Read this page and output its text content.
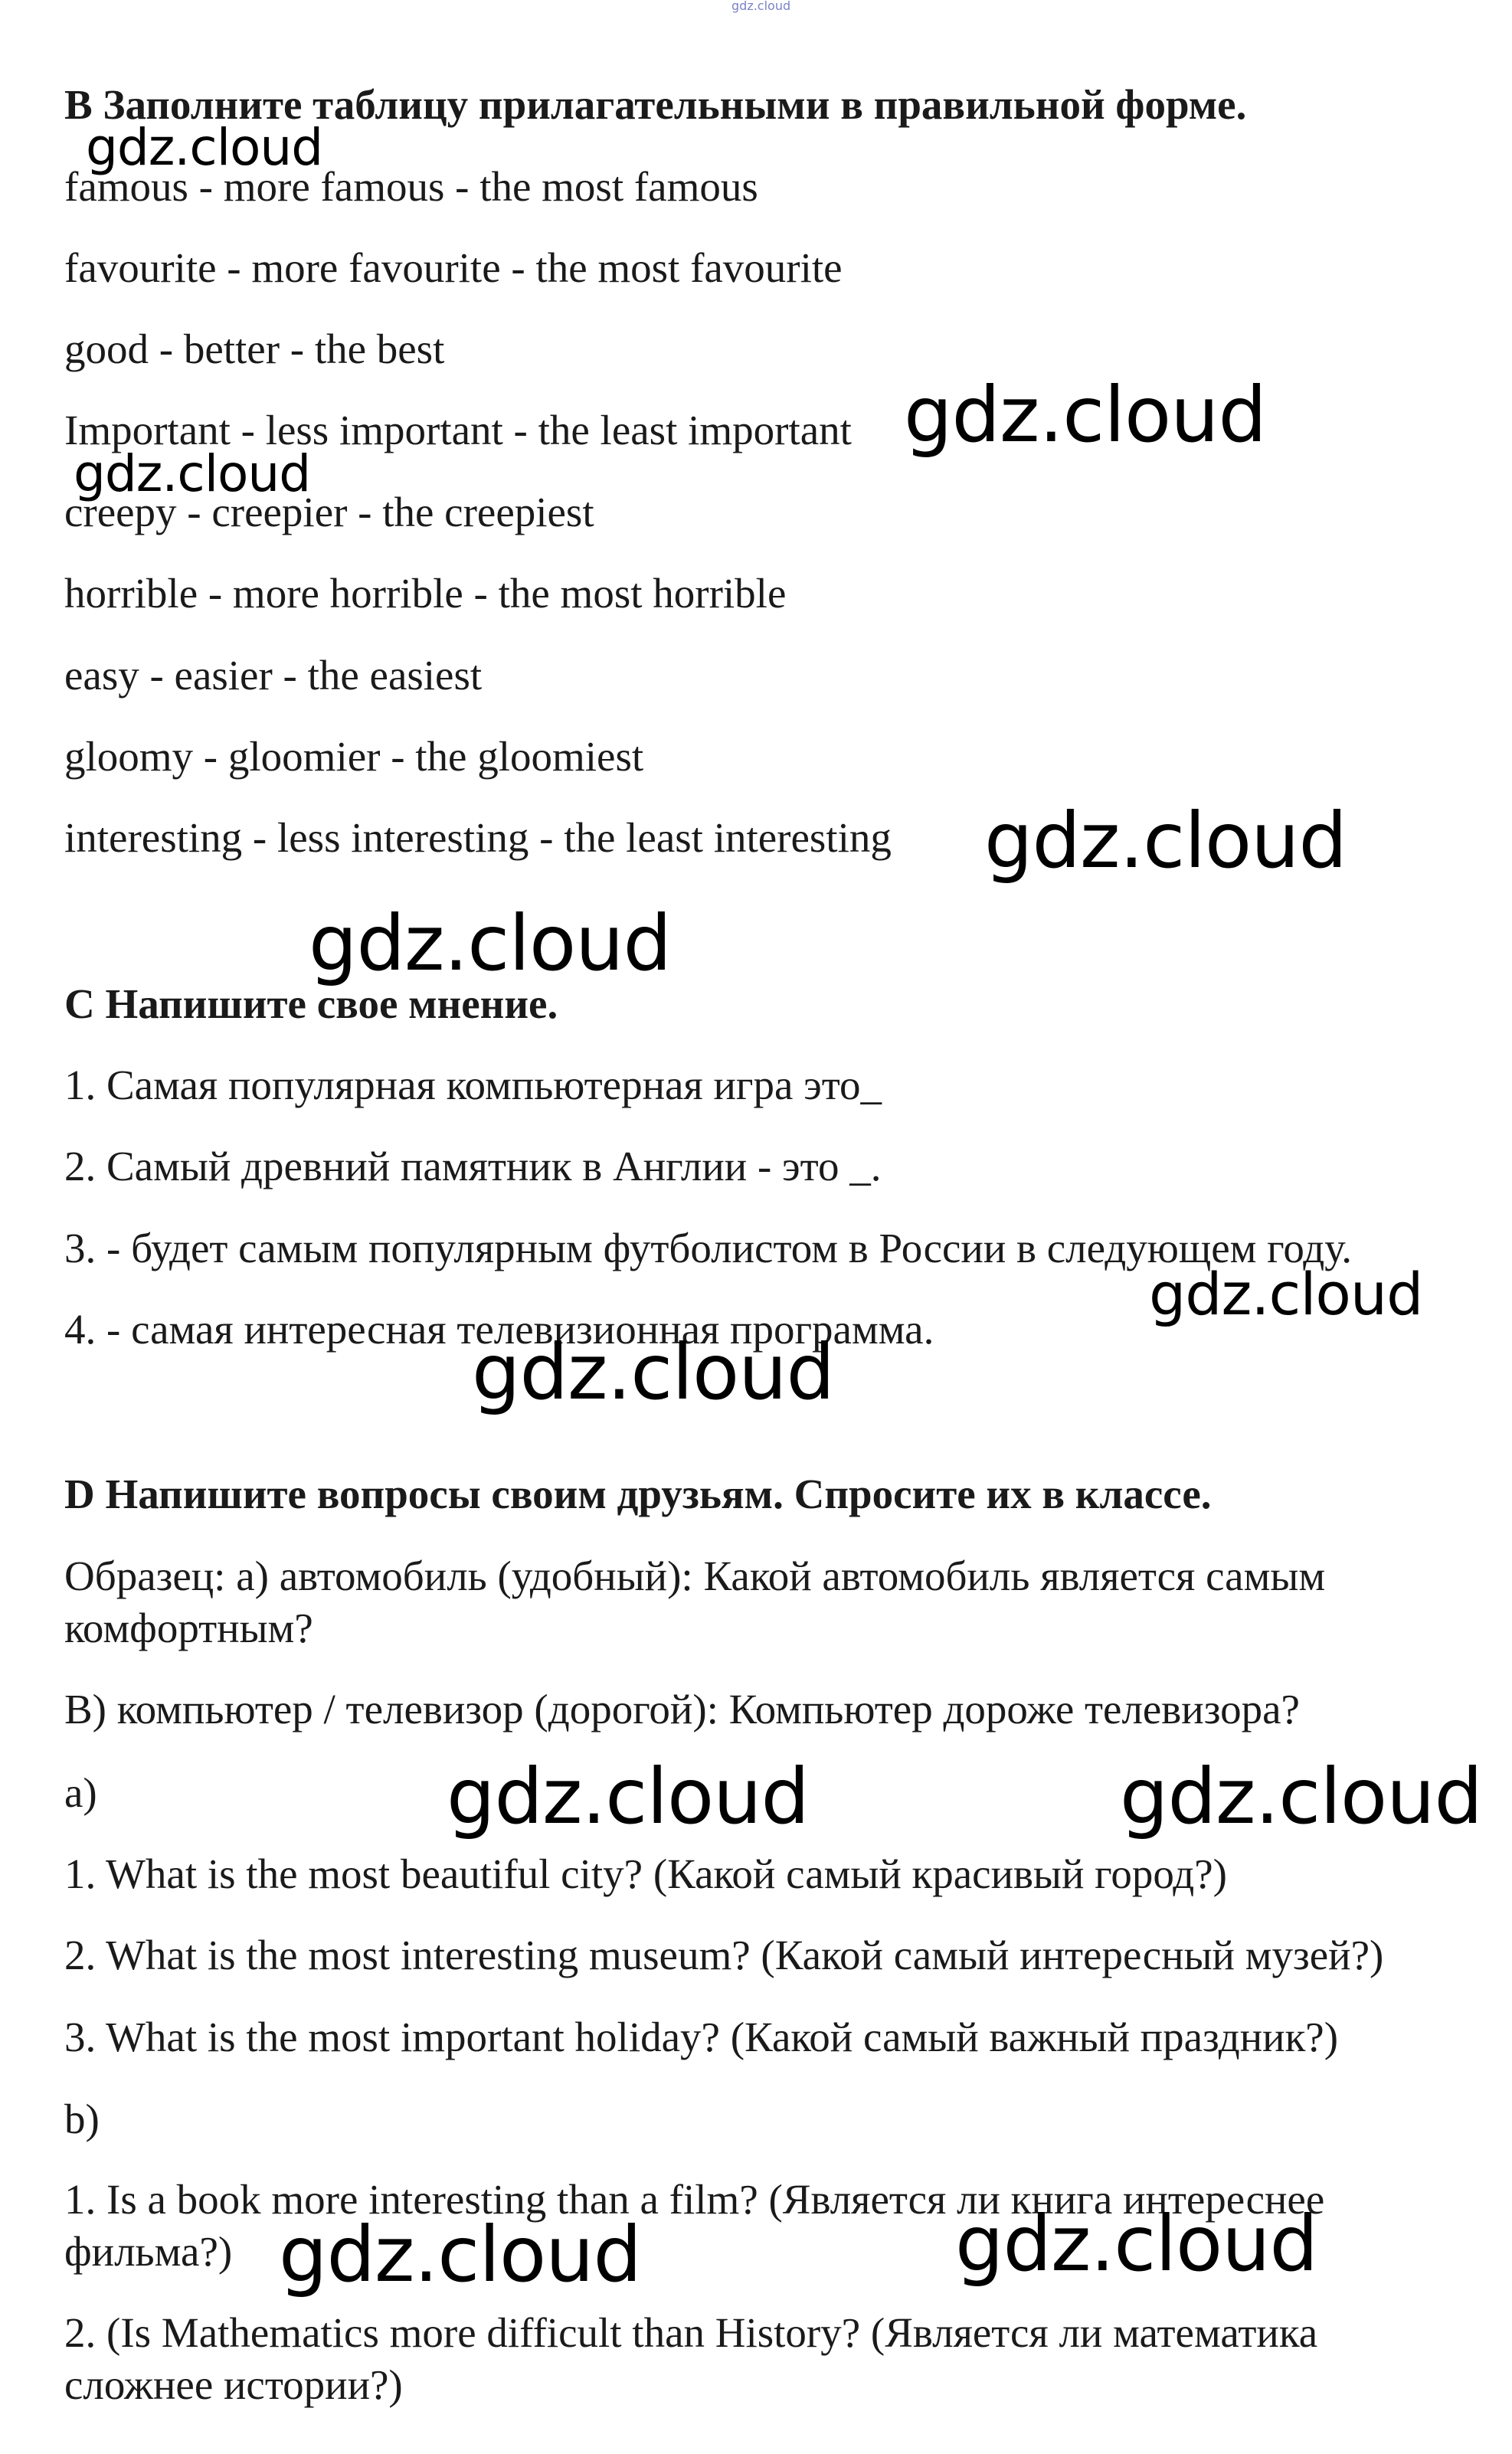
gdz.cloud

B Заполните таблицу прилагательными в правильной форме.

famous - more famous - the most famous

favourite - more favourite - the most favourite

good - better - the best

Important - less important - the least important

creepy - creepier - the creepiest

horrible - more horrible - the most horrible

easy - easier - the easiest

gloomy - gloomier - the gloomiest

interesting - less interesting - the least interesting

C Напишите свое мнение.

1. Самая популярная компьютерная игра это_

2. Самый древний памятник в Англии - это _.

3. - будет самым популярным футболистом в России в следующем году.

4. - самая интересная телевизионная программа.

D Напишите вопросы своим друзьям. Спросите их в классе.

Образец: a) автомобиль (удобный): Какой автомобиль является самым комфортным?

B) компьютер / телевизор (дорогой): Компьютер дороже телевизора?

a)

1. What is the most beautiful city? (Какой самый красивый город?)

2. What is the most interesting museum? (Какой самый интересный музей?)

3. What is the most important holiday? (Какой самый важный праздник?)

b)

1. Is a book more interesting than a film? (Является ли книга интереснее фильма?)

2. (Is Mathematics more difficult than History? (Является ли математика сложнее истории?)

gdz.cloud
gdz.cloud
gdz.cloud
gdz.cloud
gdz.cloud
gdz.cloud
gdz.cloud
gdz.cloud	gdz.cloud
gdz.cloud	gdz.cloud
